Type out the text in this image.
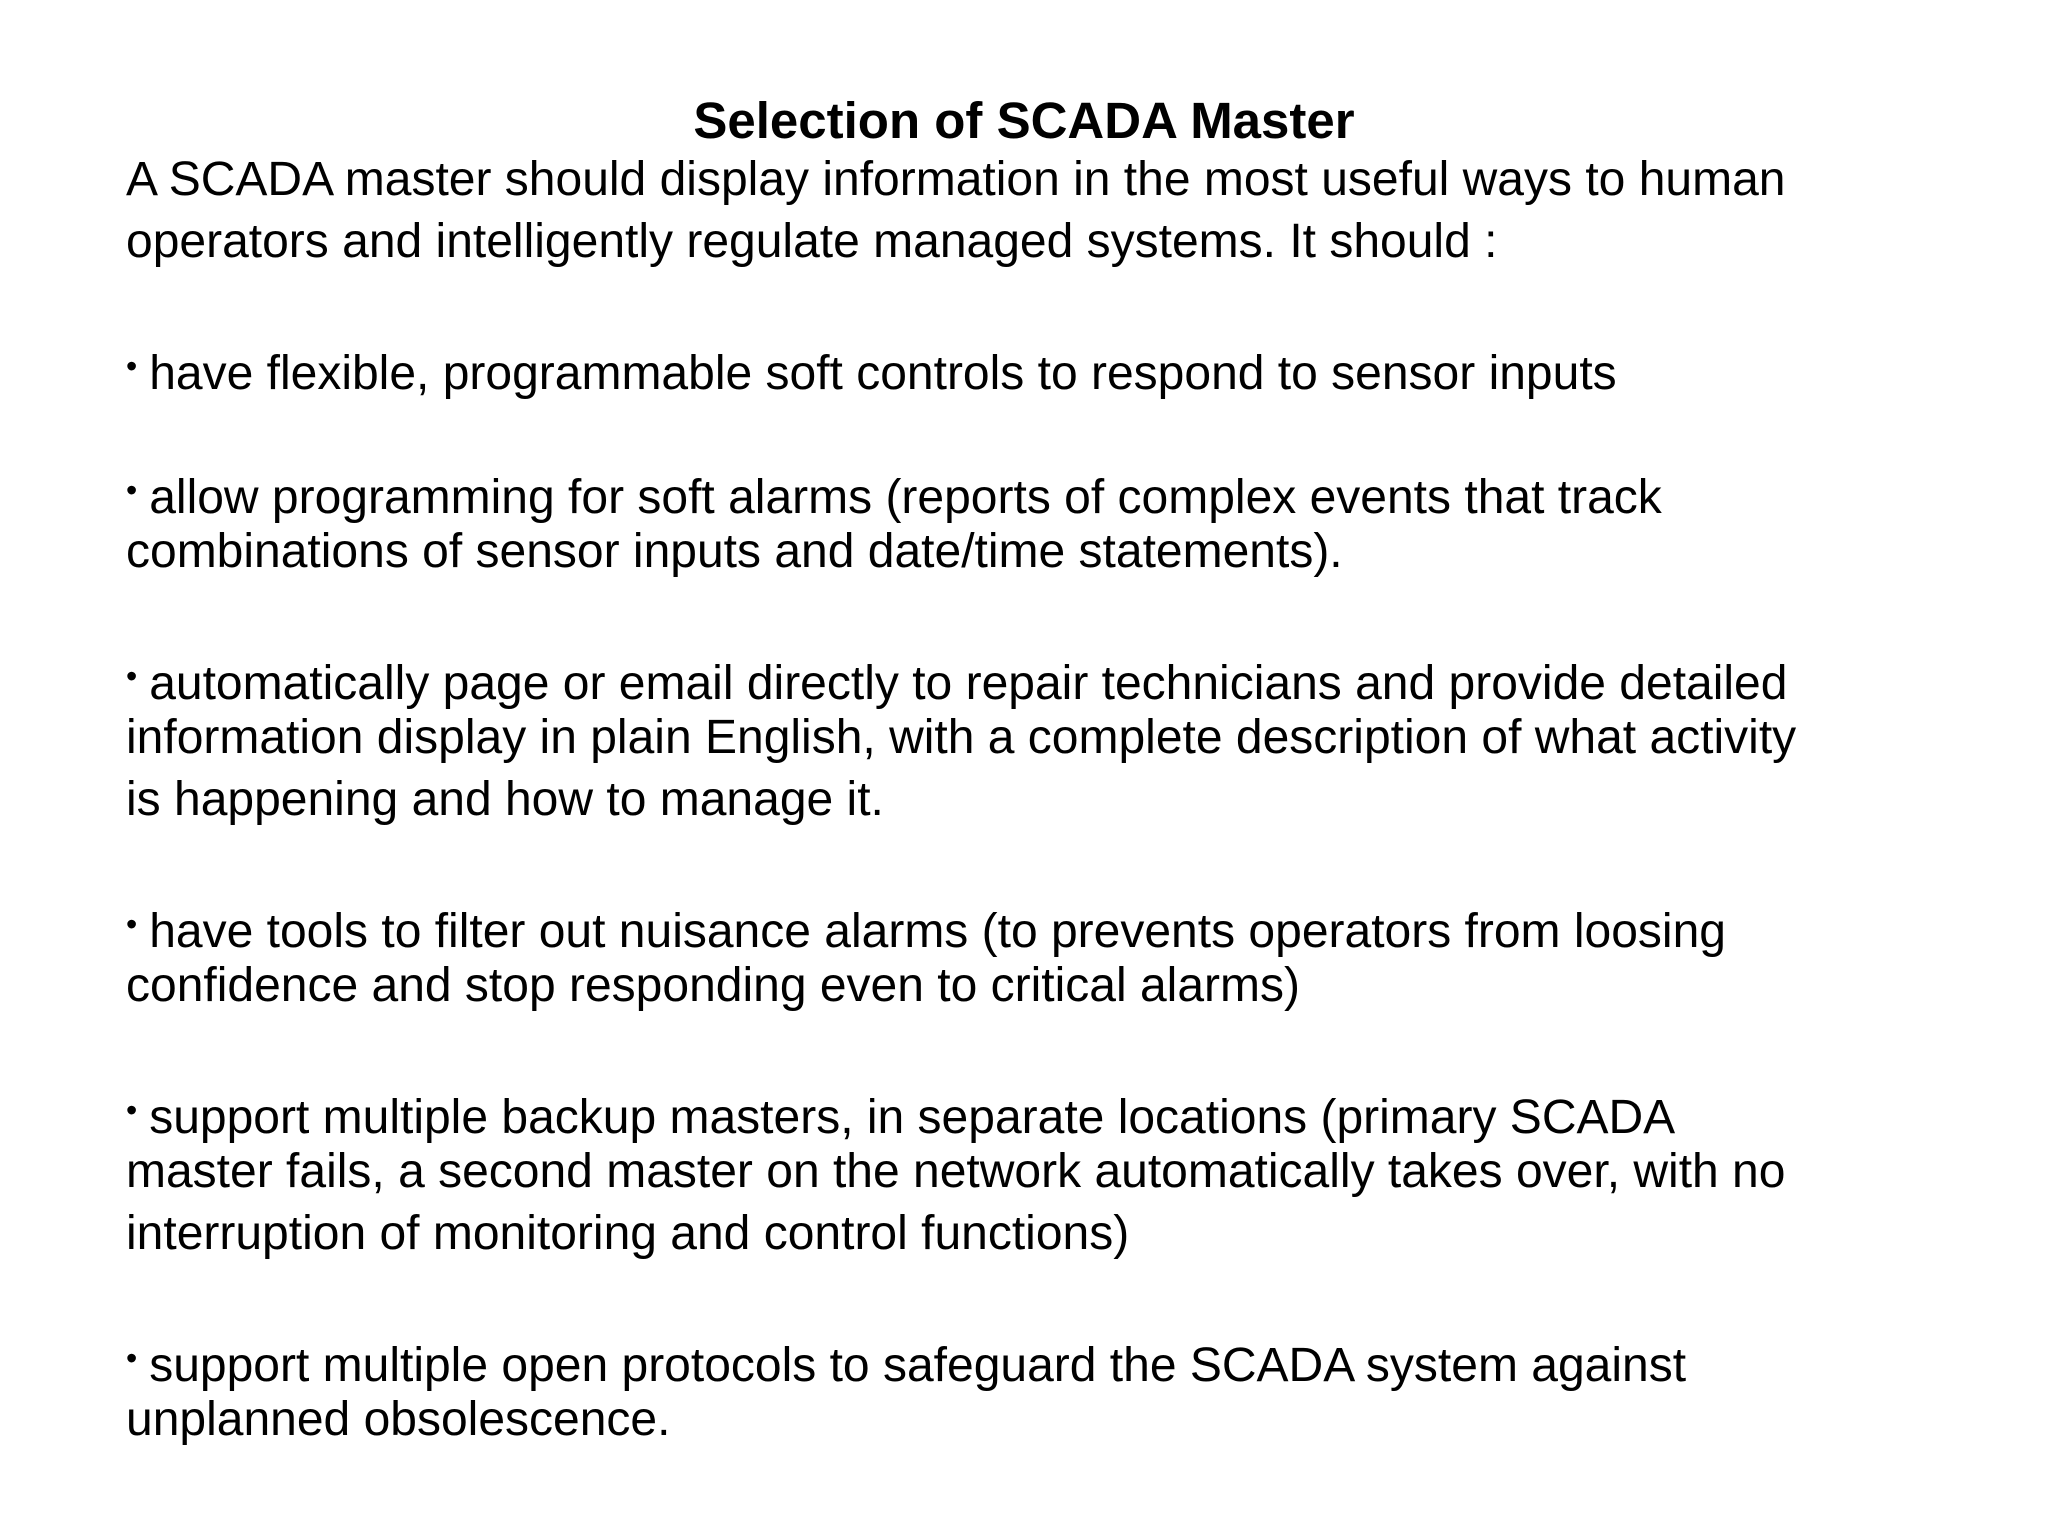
Selection of SCADA Master
A SCADA master should display information in the most useful ways to human
operators and intelligently regulate managed systems. It should :
• have flexible, programmable soft controls to respond to sensor inputs
• allow programming for soft alarms (reports of complex events that track
combinations of sensor inputs and date/time statements).
• automatically page or email directly to repair technicians and provide detailed
information display in plain English, with a complete description of what activity
is happening and how to manage it.
• have tools to filter out nuisance alarms (to prevents operators from loosing
confidence and stop responding even to critical alarms)
• support multiple backup masters, in separate locations (primary SCADA
master fails, a second master on the network automatically takes over, with no
interruption of monitoring and control functions)
• support multiple open protocols to safeguard the SCADA system against
unplanned obsolescence.
